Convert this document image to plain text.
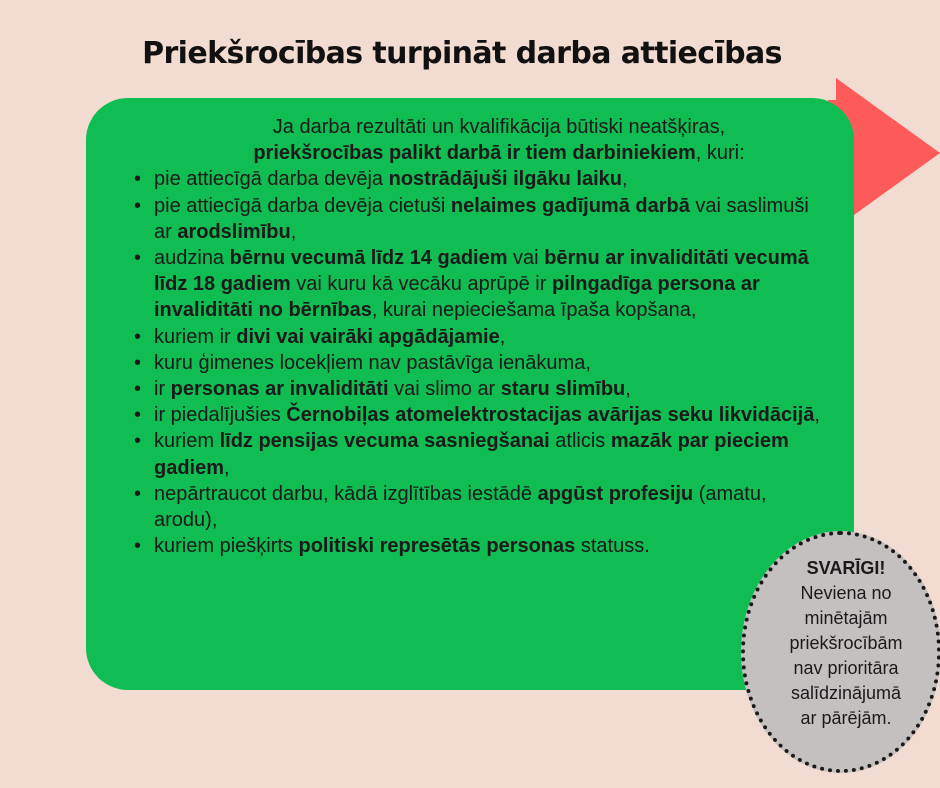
Priekšrocības turpināt darba attiecības

Ja darba rezultāti un kvalifikācija būtiski neatšķiras,

priekšrocības palikt darbā ir tiem darbiniekiem, kuri:

• pie attiecīgā darba devēja nostrādājuši ilgāku laiku,
• pie attiecīgā darba devēja cietuši nelaimes gadījumā darbā vai saslimuši ar arodslimību,
• audzina bērnu vecumā līdz 14 gadiem vai bērnu ar invaliditāti vecumā līdz 18 gadiem vai kuru kā vecāku aprūpē ir pilngadīga persona ar invaliditāti no bērnības, kurai nepieciešama īpaša kopšana,
• kuriem ir divi vai vairāki apgādājamie,
• kuru ģimenes locekļiem nav pastāvīga ienākuma,
• ir personas ar invaliditāti vai slimo ar staru slimību,
• ir piedalījušies Černobiļas atomelektrostacijas avārijas seku likvidācijā,
• kuriem līdz pensijas vecuma sasniegšanai atlicis mazāk par pieciem gadiem,
• nepārtraucot darbu, kādā izglītības iestādē apgūst profesiju (amatu, arodu),
• kuriem piešķirts politiski represētās personas statuss.
SVARĪGI!
Neviena no
minētajām
priekšrocībām
nav prioritāra
salīdzinājumā
ar pārējām.
